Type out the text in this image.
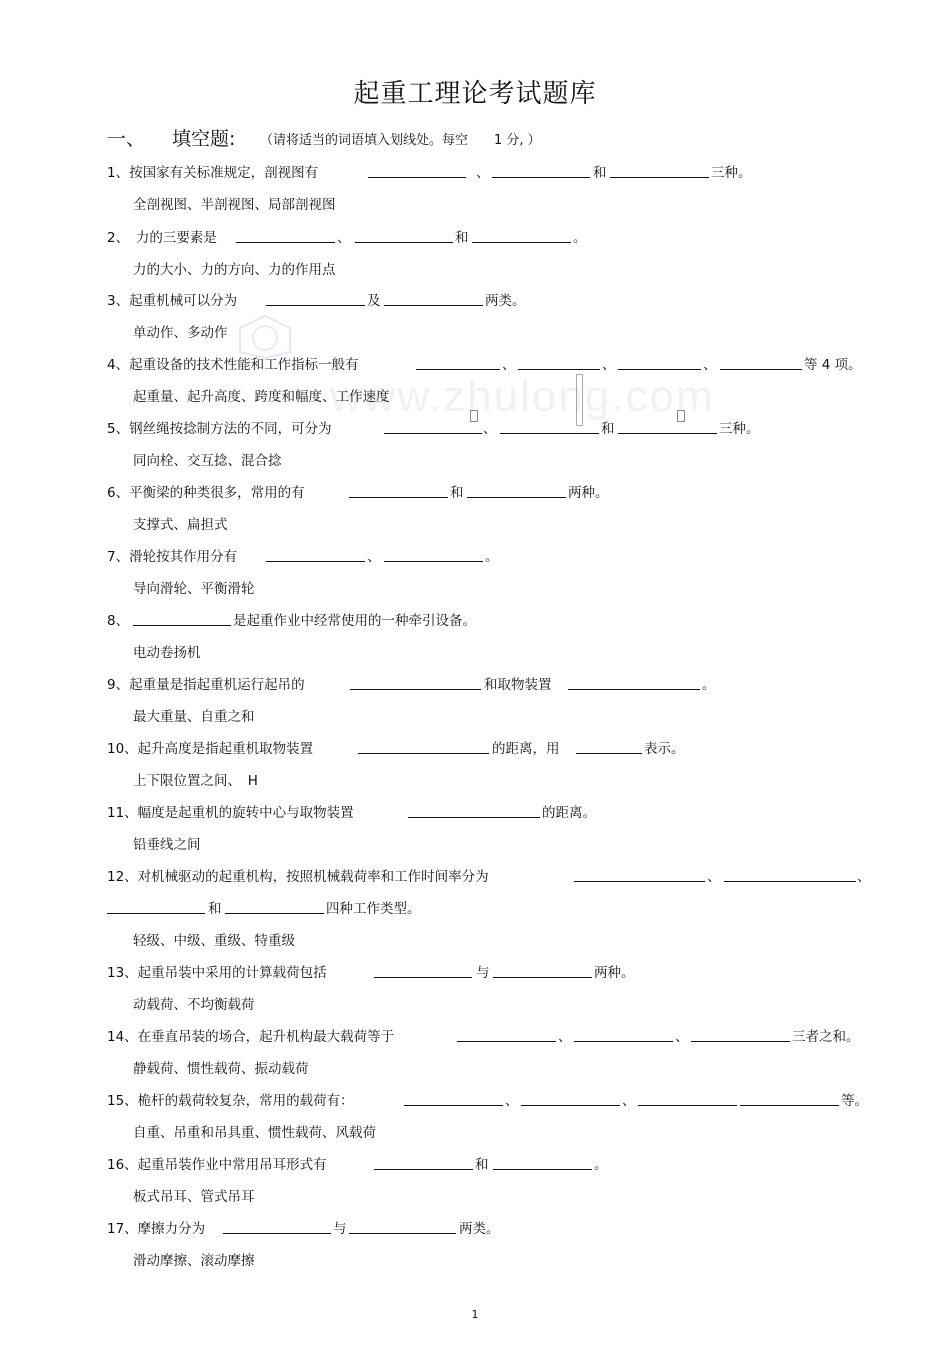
www.zhulong.com
起重工理论考试题库
一、 填空题: （请将适当的词语填入划线处。每空　　1 分, ）
1、按国家有关标准规定，剖视图有	、	和	三种。
全剖视图、半剖视图、局部剖视图
2、　力的三要素是	、	和	。
力的大小、力的方向、力的作用点
3、起重机械可以分为	及	两类。
单动作、多动作
4、起重设备的技术性能和工作指标一般有	、	、	、	等 4 项。
起重量、起升高度、跨度和幅度、工作速度
5、钢丝绳按捻制方法的不同，可分为	、	和	三种。
同向栓、交互捻、混合捻
6、平衡梁的种类很多，常用的有	和	两种。
支撑式、扁担式
7、滑轮按其作用分有	、	。
导向滑轮、平衡滑轮
8、	是起重作业中经常使用的一种牵引设备。
电动卷扬机
9、起重量是指起重机运行起吊的	和取物装置	。
最大重量、自重之和
10、起升高度是指起重机取物装置	的距离，用	表示。
上下限位置之间、　H
11、幅度是起重机的旋转中心与取物装置	的距离。
铅垂线之间
12、对机械驱动的起重机构，按照机械载荷率和工作时间率分为	、	、
和	四种工作类型。
轻级、中级、重级、特重级
13、起重吊装中采用的计算载荷包括	与	两种。
动载荷、不均衡载荷
14、在垂直吊装的场合，起升机构最大载荷等于	、	、	三者之和。
静载荷、惯性载荷、振动载荷
15、桅杆的载荷较复杂，常用的载荷有：	、	、	等。
自重、吊重和吊具重、惯性载荷、风载荷
16、起重吊装作业中常用吊耳形式有	和	。
板式吊耳、管式吊耳
17、摩擦力分为	与	两类。
滑动摩擦、滚动摩擦
1
